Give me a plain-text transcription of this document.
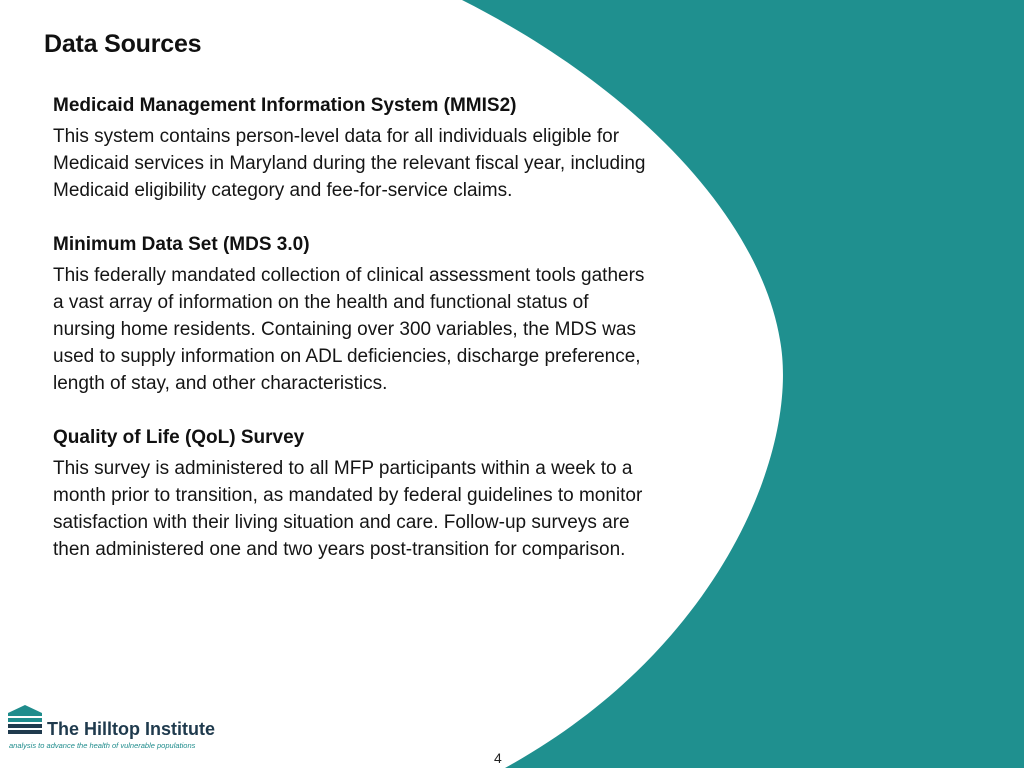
Data Sources
Medicaid Management Information System (MMIS2)
This system contains person-level data for all individuals eligible for Medicaid services in Maryland during the relevant fiscal year, including Medicaid eligibility category and fee-for-service claims.
Minimum Data Set (MDS 3.0)
This federally mandated collection of clinical assessment tools gathers a vast array of information on the health and functional status of nursing home residents. Containing over 300 variables, the MDS was used to supply information on ADL deficiencies, discharge preference, length of stay, and other characteristics.
Quality of Life (QoL) Survey
This survey is administered to all MFP participants within a week to a month prior to transition, as mandated by federal guidelines to monitor satisfaction with their living situation and care. Follow-up surveys are then administered one and two years post-transition for comparison.
The Hilltop Institute
analysis to advance the health of vulnerable populations
4
